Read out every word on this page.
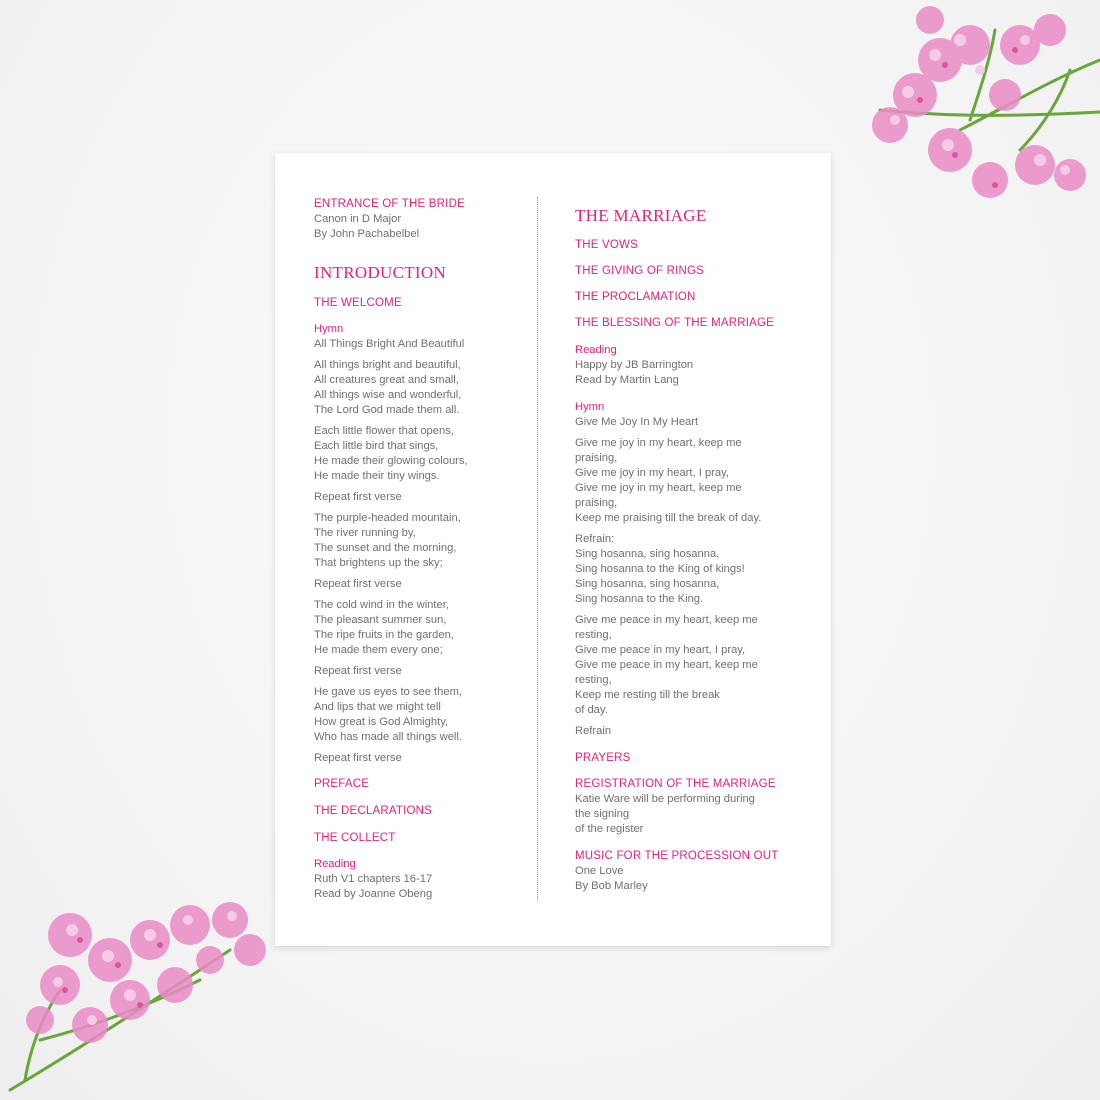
ENTRANCE OF THE BRIDE

Canon in D Major
By John Pachabelbel

INTRODUCTION

THE WELCOME

Hymn

All Things Bright And Beautiful

All things bright and beautiful,
All creatures great and small,
All things wise and wonderful,
The Lord God made them all.

Each little flower that opens,
Each little bird that sings,
He made their glowing colours,
He made their tiny wings.

Repeat first verse

The purple-headed mountain,
The river running by,
The sunset and the morning,
That brightens up the sky;

Repeat first verse

The cold wind in the winter,
The pleasant summer sun,
The ripe fruits in the garden,
He made them every one;

Repeat first verse

He gave us eyes to see them,
And lips that we might tell
How great is God Almighty,
Who has made all things well.

Repeat first verse

PREFACE

THE DECLARATIONS

THE COLLECT

Reading

Ruth V1 chapters 16-17
Read by Joanne Obeng

THE MARRIAGE

THE VOWS

THE GIVING OF RINGS

THE PROCLAMATION

THE BLESSING OF THE MARRIAGE

Reading

Happy by JB Barrington
Read by Martin Lang

Hymn

Give Me Joy In My Heart

Give me joy in my heart, keep me
praising,
Give me joy in my heart, I pray,
Give me joy in my heart, keep me
praising,
Keep me praising till the break of day.

Refrain:
Sing hosanna, sing hosanna,
Sing hosanna to the King of kings!
Sing hosanna, sing hosanna,
Sing hosanna to the King.

Give me peace in my heart, keep me
resting,
Give me peace in my heart, I pray,
Give me peace in my heart, keep me
resting,
Keep me resting till the break
of day.

Refrain

PRAYERS

REGISTRATION OF THE MARRIAGE

Katie Ware will be performing during
the signing
of the register

MUSIC FOR THE PROCESSION OUT

One Love
By Bob Marley
